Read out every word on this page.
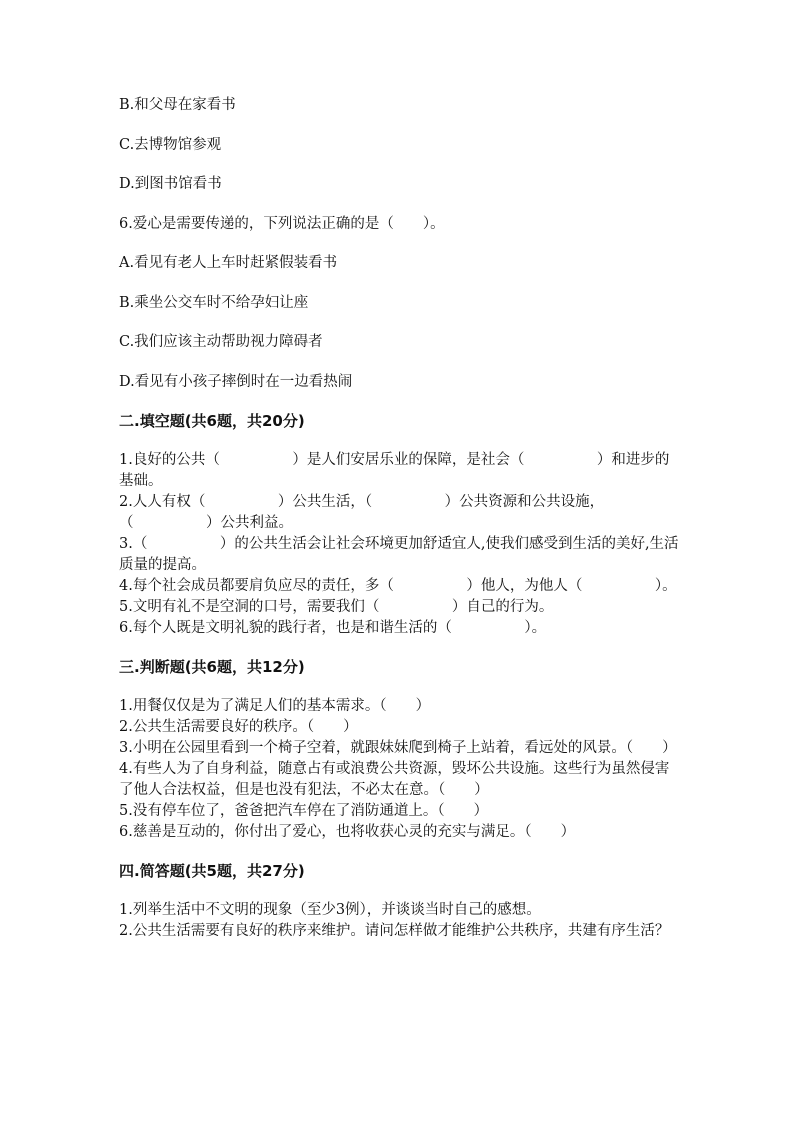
B.和父母在家看书

C.去博物馆参观

D.到图书馆看书

6.爱心是需要传递的，下列说法正确的是（　　）。

A.看见有老人上车时赶紧假装看书

B.乘坐公交车时不给孕妇让座

C.我们应该主动帮助视力障碍者

D.看见有小孩子摔倒时在一边看热闹

二.填空题(共6题，共20分)

1.良好的公共（　　　　　）是人们安居乐业的保障，是社会（　　　　　）和进步的基础。

2.人人有权（　　　　　）公共生活，（　　　　　）公共资源和公共设施，（　　　　　）公共利益。

3.（　　　　　）的公共生活会让社会环境更加舒适宜人,使我们感受到生活的美好,生活质量的提高。

4.每个社会成员都要肩负应尽的责任，多（　　　　　）他人，为他人（　　　　　）。

5.文明有礼不是空洞的口号，需要我们（　　　　　）自己的行为。

6.每个人既是文明礼貌的践行者，也是和谐生活的（　　　　　）。

三.判断题(共6题，共12分)

1.用餐仅仅是为了满足人们的基本需求。（　　）

2.公共生活需要良好的秩序。（　　）

3.小明在公园里看到一个椅子空着，就跟妹妹爬到椅子上站着，看远处的风景。（　　）

4.有些人为了自身利益，随意占有或浪费公共资源，毁坏公共设施。这些行为虽然侵害了他人合法权益，但是也没有犯法，不必太在意。（　　）

5.没有停车位了，爸爸把汽车停在了消防通道上。（　　）

6.慈善是互动的，你付出了爱心，也将收获心灵的充实与满足。（　　）

四.简答题(共5题，共27分)

1.列举生活中不文明的现象（至少3例），并谈谈当时自己的感想。

2.公共生活需要有良好的秩序来维护。请问怎样做才能维护公共秩序，共建有序生活？
